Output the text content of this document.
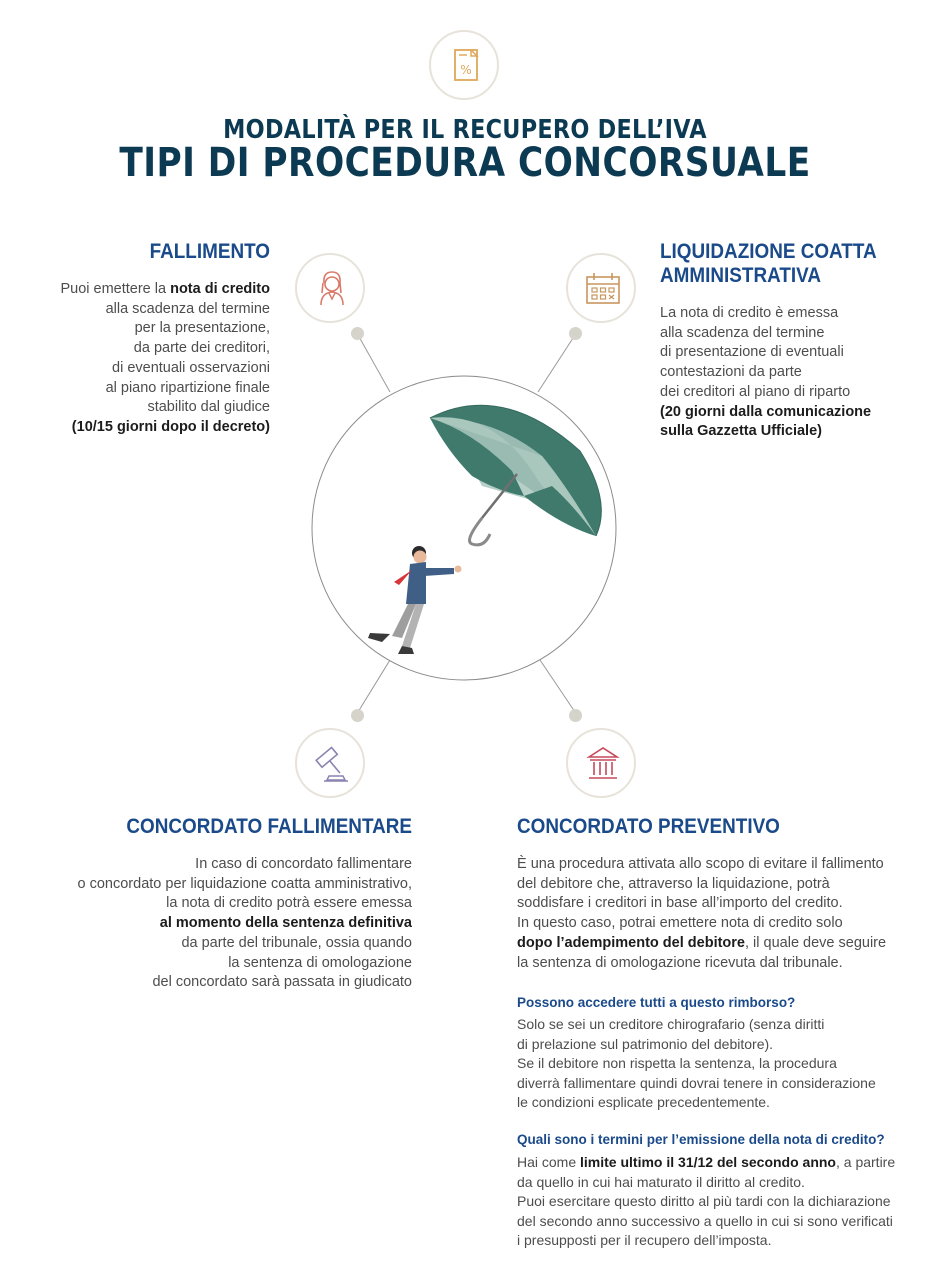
%
MODALITÀ PER IL RECUPERO DELL’IVA
TIPI DI PROCEDURA CONCORSUALE
FALLIMENTO

Puoi emettere la nota di credito

alla scadenza del termine

per la presentazione,

da parte dei creditori,

di eventuali osservazioni

al piano ripartizione finale

stabilito dal giudice

(10/15 giorni dopo il decreto)

LIQUIDAZIONE COATTA

AMMINISTRATIVA

La nota di credito è emessa

alla scadenza del termine

di presentazione di eventuali

contestazioni da parte

dei creditori al piano di riparto

(20 giorni dalla comunicazione

sulla Gazzetta Ufficiale)

CONCORDATO FALLIMENTARE

In caso di concordato fallimentare

o concordato per liquidazione coatta amministrativo,

la nota di credito potrà essere emessa

al momento della sentenza definitiva

da parte del tribunale, ossia quando

la sentenza di omologazione

del concordato sarà passata in giudicato

CONCORDATO PREVENTIVO

È una procedura attivata allo scopo di evitare il fallimento

del debitore che, attraverso la liquidazione, potrà

soddisfare i creditori in base all’importo del credito.

In questo caso, potrai emettere nota di credito solo

dopo l’adempimento del debitore, il quale deve seguire

la sentenza di omologazione ricevuta dal tribunale.

Possono accedere tutti a questo rimborso?

Solo se sei un creditore chirografario (senza diritti

di prelazione sul patrimonio del debitore).

Se il debitore non rispetta la sentenza, la procedura

diverrà fallimentare quindi dovrai tenere in considerazione

le condizioni esplicate precedentemente.

Quali sono i termini per l’emissione della nota di credito?

Hai come limite ultimo il 31/12 del secondo anno, a partire

da quello in cui hai maturato il diritto al credito.

Puoi esercitare questo diritto al più tardi con la dichiarazione

del secondo anno successivo a quello in cui si sono verificati

i presupposti per il recupero dell’imposta.
